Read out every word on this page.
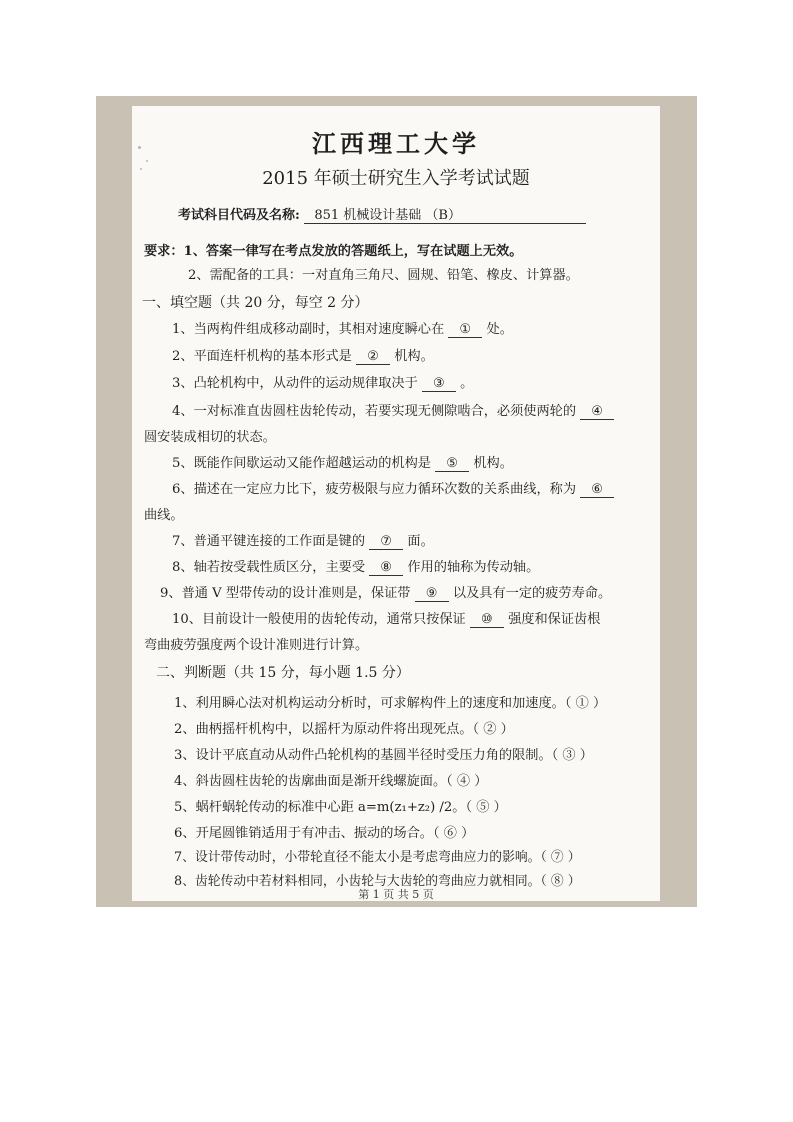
江西理工大学
2015 年硕士研究生入学考试试题
考试科目代码及名称: 851 机械设计基础 （B）
要求：1、答案一律写在考点发放的答题纸上，写在试题上无效。
2、需配备的工具：一对直角三角尺、圆规、铅笔、橡皮、计算器。
一、填空题（共 20 分，每空 2 分）
1、当两构件组成移动副时，其相对速度瞬心在 ① 处。
2、平面连杆机构的基本形式是 ② 机构。
3、凸轮机构中，从动件的运动规律取决于 ③ 。
4、一对标准直齿圆柱齿轮传动，若要实现无侧隙啮合，必须使两轮的 ④
圆安装成相切的状态。
5、既能作间歇运动又能作超越运动的机构是 ⑤ 机构。
6、描述在一定应力比下，疲劳极限与应力循环次数的关系曲线，称为 ⑥
曲线。
7、普通平键连接的工作面是键的 ⑦ 面。
8、轴若按受载性质区分，主要受 ⑧ 作用的轴称为传动轴。
9、普通 V 型带传动的设计准则是，保证带 ⑨ 以及具有一定的疲劳寿命。
10、目前设计一般使用的齿轮传动，通常只按保证 ⑩ 强度和保证齿根
弯曲疲劳强度两个设计准则进行计算。
二、判断题（共 15 分，每小题 1.5 分）
1、利用瞬心法对机构运动分析时，可求解构件上的速度和加速度。（ ① ）
2、曲柄摇杆机构中，以摇杆为原动件将出现死点。（ ② ）
3、设计平底直动从动件凸轮机构的基圆半径时受压力角的限制。（ ③ ）
4、斜齿圆柱齿轮的齿廓曲面是渐开线螺旋面。（ ④ ）
5、蜗杆蜗轮传动的标准中心距 a=m(z₁+z₂) /2。（ ⑤ ）
6、开尾圆锥销适用于有冲击、振动的场合。（ ⑥ ）
7、设计带传动时，小带轮直径不能太小是考虑弯曲应力的影响。（ ⑦ ）
8、齿轮传动中若材料相同，小齿轮与大齿轮的弯曲应力就相同。（ ⑧ ）
第 1 页 共 5 页
